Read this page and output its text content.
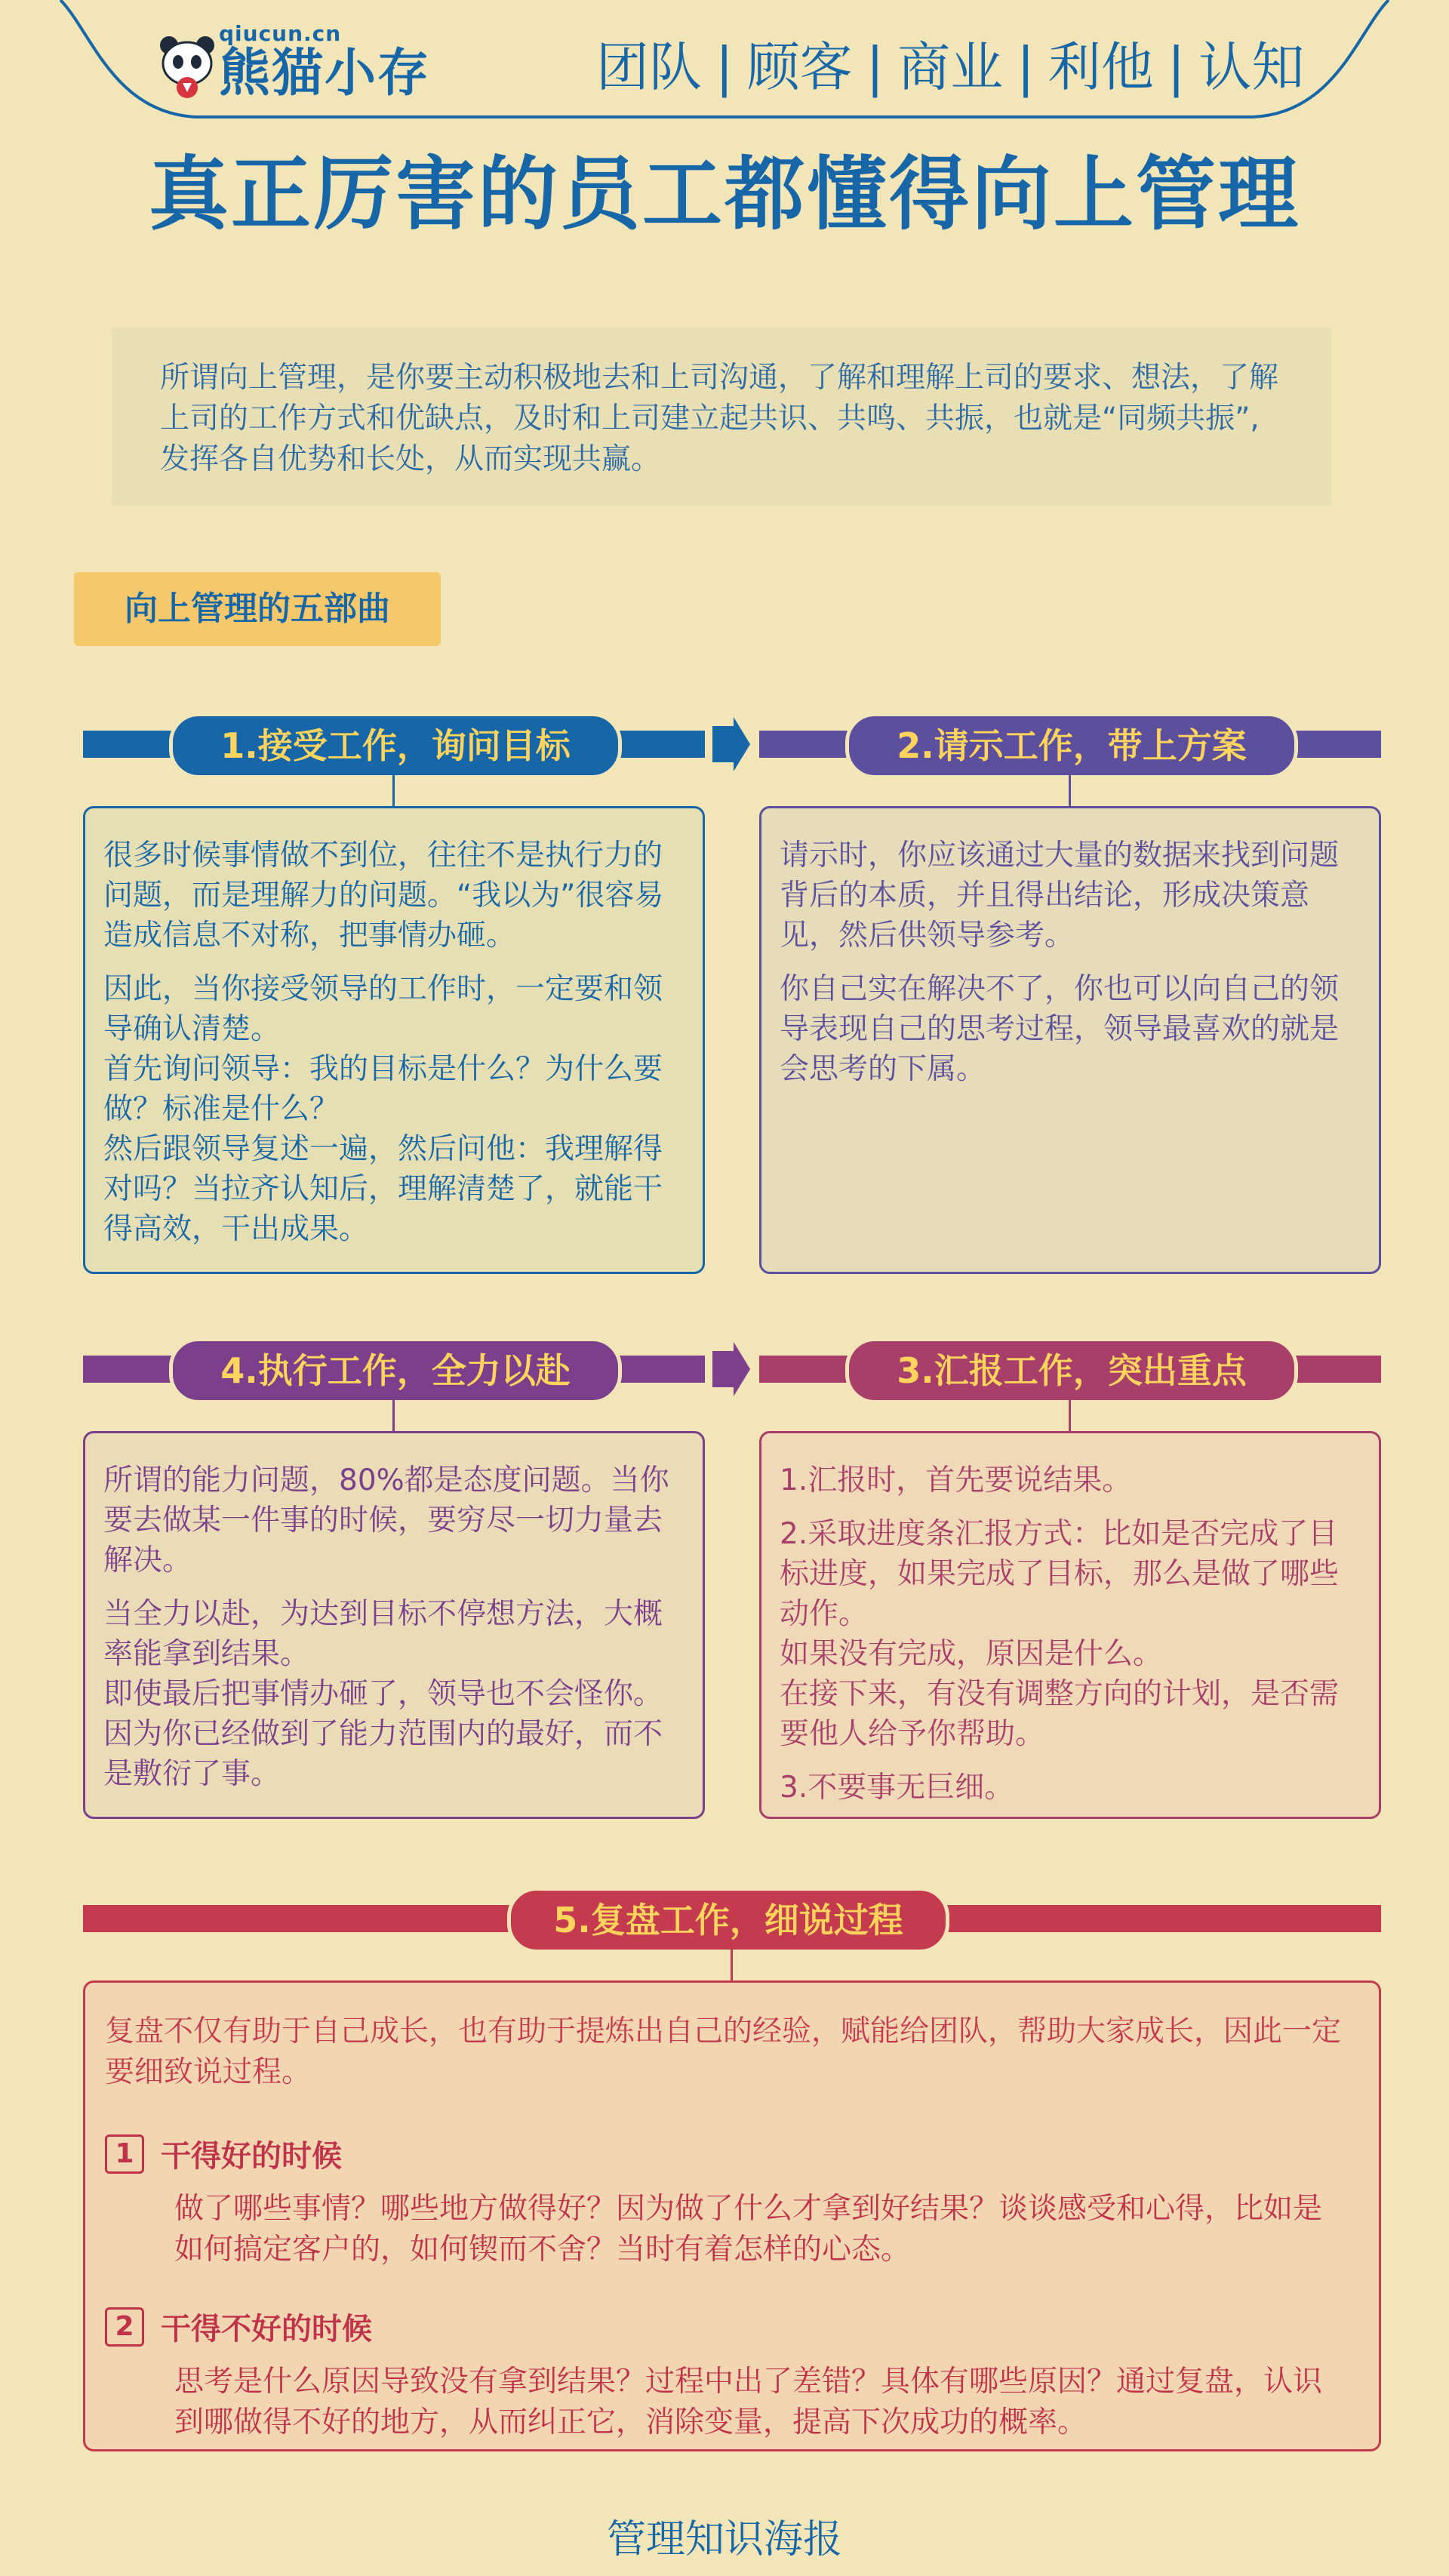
qiucun.cn
熊猫小存	团队 | 顾客 | 商业 | 利他 | 认知
真正厉害的员工都懂得向上管理

所谓向上管理，是你要主动积极地去和上司沟通，了解和理解上司的要求、想法，了解上司的工作方式和优缺点，及时和上司建立起共识、共鸣、共振，也就是“同频共振”,发挥各自优势和长处，从而实现共赢。

向上管理的五部曲
1.接受工作，询问目标	2.请示工作，带上方案

很多时候事情做不到位，往往不是执行力的问题，而是理解力的问题。“我以为”很容易造成信息不对称，把事情办砸。

因此，当你接受领导的工作时，一定要和领导确认清楚。

首先询问领导：我的目标是什么？为什么要做？标准是什么？

然后跟领导复述一遍，然后问他：我理解得对吗？当拉齐认知后，理解清楚了，就能干得高效，干出成果。

请示时，你应该通过大量的数据来找到问题背后的本质，并且得出结论，形成决策意见，然后供领导参考。

你自己实在解决不了，你也可以向自己的领导表现自己的思考过程，领导最喜欢的就是会思考的下属。

4.执行工作，全力以赴	3.汇报工作，突出重点

所谓的能力问题，80%都是态度问题。当你要去做某一件事的时候，要穷尽一切力量去解决。

当全力以赴，为达到目标不停想方法，大概率能拿到结果。

即使最后把事情办砸了，领导也不会怪你。因为你已经做到了能力范围内的最好，而不是敷衍了事。

1.汇报时，首先要说结果。

2.采取进度条汇报方式：比如是否完成了目标进度，如果完成了目标，那么是做了哪些动作。

如果没有完成，原因是什么。

在接下来，有没有调整方向的计划，是否需要他人给予你帮助。

3.不要事无巨细。

5.复盘工作，细说过程
复盘不仅有助于自己成长，也有助于提炼出自己的经验，赋能给团队，帮助大家成长，因此一定要细致说过程。
1 干得好的时候
做了哪些事情？哪些地方做得好？因为做了什么才拿到好结果？谈谈感受和心得，比如是如何搞定客户的，如何锲而不舍？当时有着怎样的心态。
2 干得不好的时候
思考是什么原因导致没有拿到结果？过程中出了差错？具体有哪些原因？通过复盘，认识到哪做得不好的地方，从而纠正它，消除变量，提高下次成功的概率。
管理知识海报
